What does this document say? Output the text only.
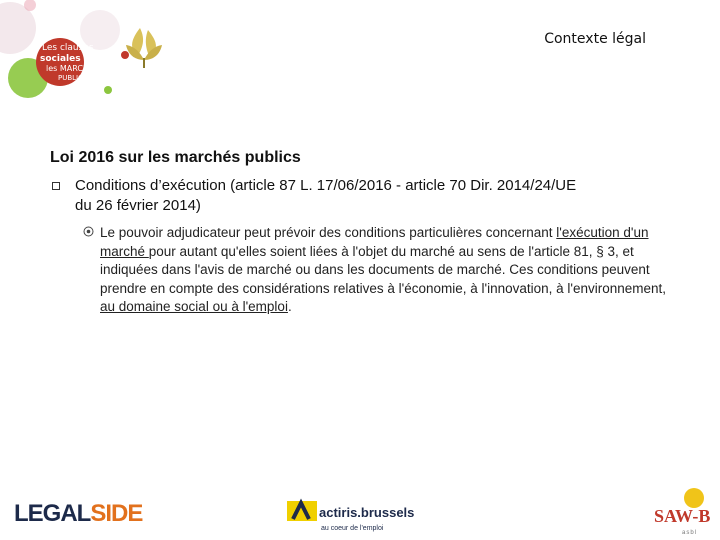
Les clauses
sociales dans
les MARCHÉS
PUBLICS
Contexte légal
Loi 2016 sur les marchés publics
Conditions d’exécution (article 87 L. 17/06/2016 - article 70 Dir. 2014/24/UE
du 26 février 2014)
Le pouvoir adjudicateur peut prévoir des conditions particulières concernant l'exécution d'un marché pour autant qu'elles soient liées à l'objet du marché au sens de l'article 81, § 3, et indiquées dans l'avis de marché ou dans les documents de marché. Ces conditions peuvent prendre en compte des considérations relatives à l'économie, à l'innovation, à l'environnement, au domaine social ou à l'emploi.
LEGALSIDE	actiris.brussels
au coeur de l'emploi
SAW-B
asbl
